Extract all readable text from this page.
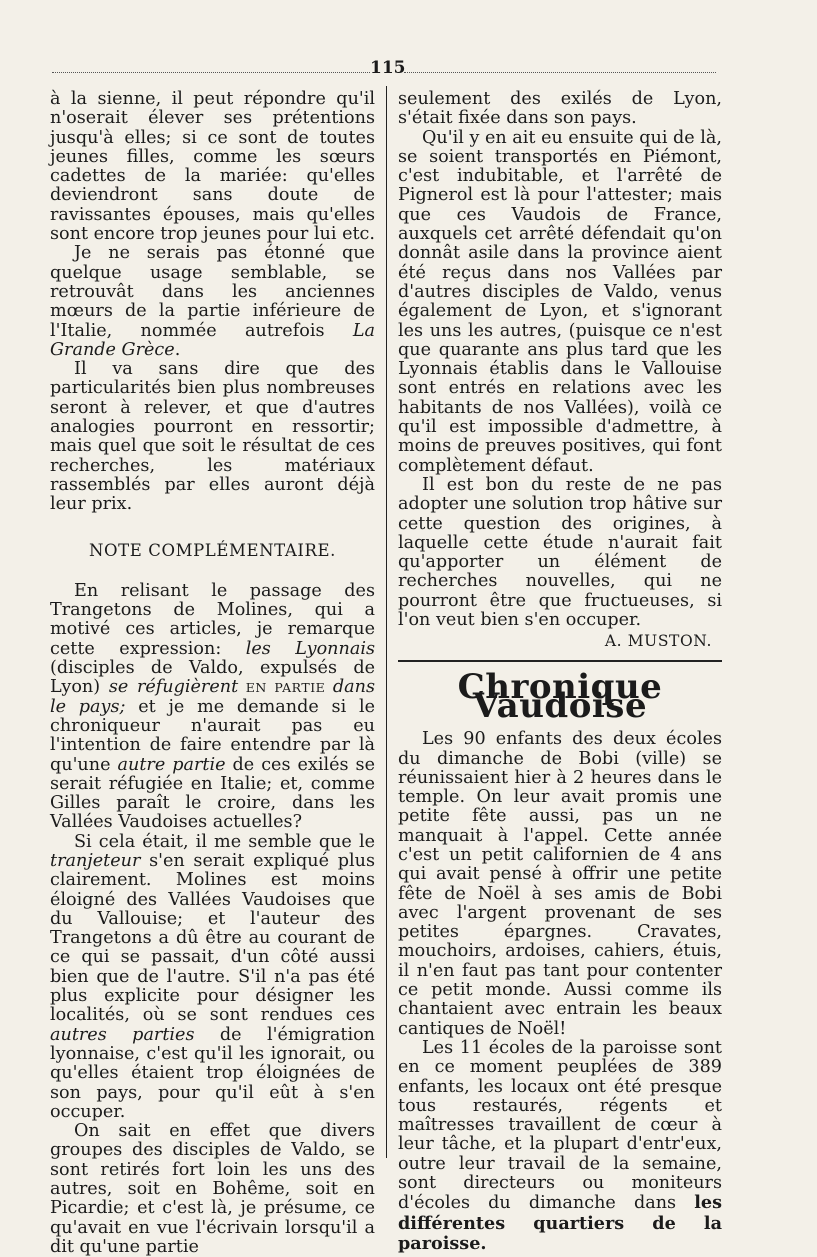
115

à la sienne, il peut répondre qu'il n'oserait élever ses prétentions jusqu'à elles; si ce sont de toutes jeunes filles, comme les sœurs cadettes de la mariée: qu'elles deviendront sans doute de ravissantes épouses, mais qu'elles sont encore trop jeunes pour lui etc.

Je ne serais pas étonné que quelque usage semblable, se retrouvât dans les anciennes mœurs de la partie inférieure de l'Italie, nommée autrefois La Grande Grèce.

Il va sans dire que des particularités bien plus nombreuses seront à relever, et que d'autres analogies pourront en ressortir; mais quel que soit le résultat de ces recherches, les matériaux rassemblés par elles auront déjà leur prix.

NOTE COMPLÉMENTAIRE.

En relisant le passage des Trangetons de Molines, qui a motivé ces articles, je remarque cette expression: les Lyonnais (disciples de Valdo, expulsés de Lyon) se réfugièrent EN PARTIE dans le pays; et je me demande si le chroniqueur n'aurait pas eu l'intention de faire entendre par là qu'une autre partie de ces exilés se serait réfugiée en Italie; et, comme Gilles paraît le croire, dans les Vallées Vaudoises actuelles?

Si cela était, il me semble que le tranjeteur s'en serait expliqué plus clairement. Molines est moins éloigné des Vallées Vaudoises que du Vallouise; et l'auteur des Trangetons a dû être au courant de ce qui se passait, d'un côté aussi bien que de l'autre. S'il n'a pas été plus explicite pour désigner les localités, où se sont rendues ces autres parties de l'émigration lyonnaise, c'est qu'il les ignorait, ou qu'elles étaient trop éloignées de son pays, pour qu'il eût à s'en occuper.

On sait en effet que divers groupes des disciples de Valdo, se sont retirés fort loin les uns des autres, soit en Bohême, soit en Picardie; et c'est là, je présume, ce qu'avait en vue l'écrivain lorsqu'il a dit qu'une partie

seulement des exilés de Lyon, s'était fixée dans son pays.

Qu'il y en ait eu ensuite qui de là, se soient transportés en Piémont, c'est indubitable, et l'arrêté de Pignerol est là pour l'attester; mais que ces Vaudois de France, auxquels cet arrêté défendait qu'on donnât asile dans la province aient été reçus dans nos Vallées par d'autres disciples de Valdo, venus également de Lyon, et s'ignorant les uns les autres, (puisque ce n'est que quarante ans plus tard que les Lyonnais établis dans le Vallouise sont entrés en relations avec les habitants de nos Vallées), voilà ce qu'il est impossible d'admettre, à moins de preuves positives, qui font complètement défaut.

Il est bon du reste de ne pas adopter une solution trop hâtive sur cette question des origines, à laquelle cette étude n'aurait fait qu'apporter un élément de recherches nouvelles, qui ne pourront être que fructueuses, si l'on veut bien s'en occuper.

A. MUSTON.
Chronique Vaudoise

Les 90 enfants des deux écoles du dimanche de Bobi (ville) se réunissaient hier à 2 heures dans le temple. On leur avait promis une petite fête aussi, pas un ne manquait à l'appel. Cette année c'est un petit californien de 4 ans qui avait pensé à offrir une petite fête de Noël à ses amis de Bobi avec l'argent provenant de ses petites épargnes. Cravates, mouchoirs, ardoises, cahiers, étuis, il n'en faut pas tant pour contenter ce petit monde. Aussi comme ils chantaient avec entrain les beaux cantiques de Noël!

Les 11 écoles de la paroisse sont en ce moment peuplées de 389 enfants, les locaux ont été presque tous restaurés, régents et maîtresses travaillent de cœur à leur tâche, et la plupart d'entr'eux, outre leur travail de la semaine, sont directeurs ou moniteurs d'écoles du dimanche dans les différentes quartiers de la paroisse.
